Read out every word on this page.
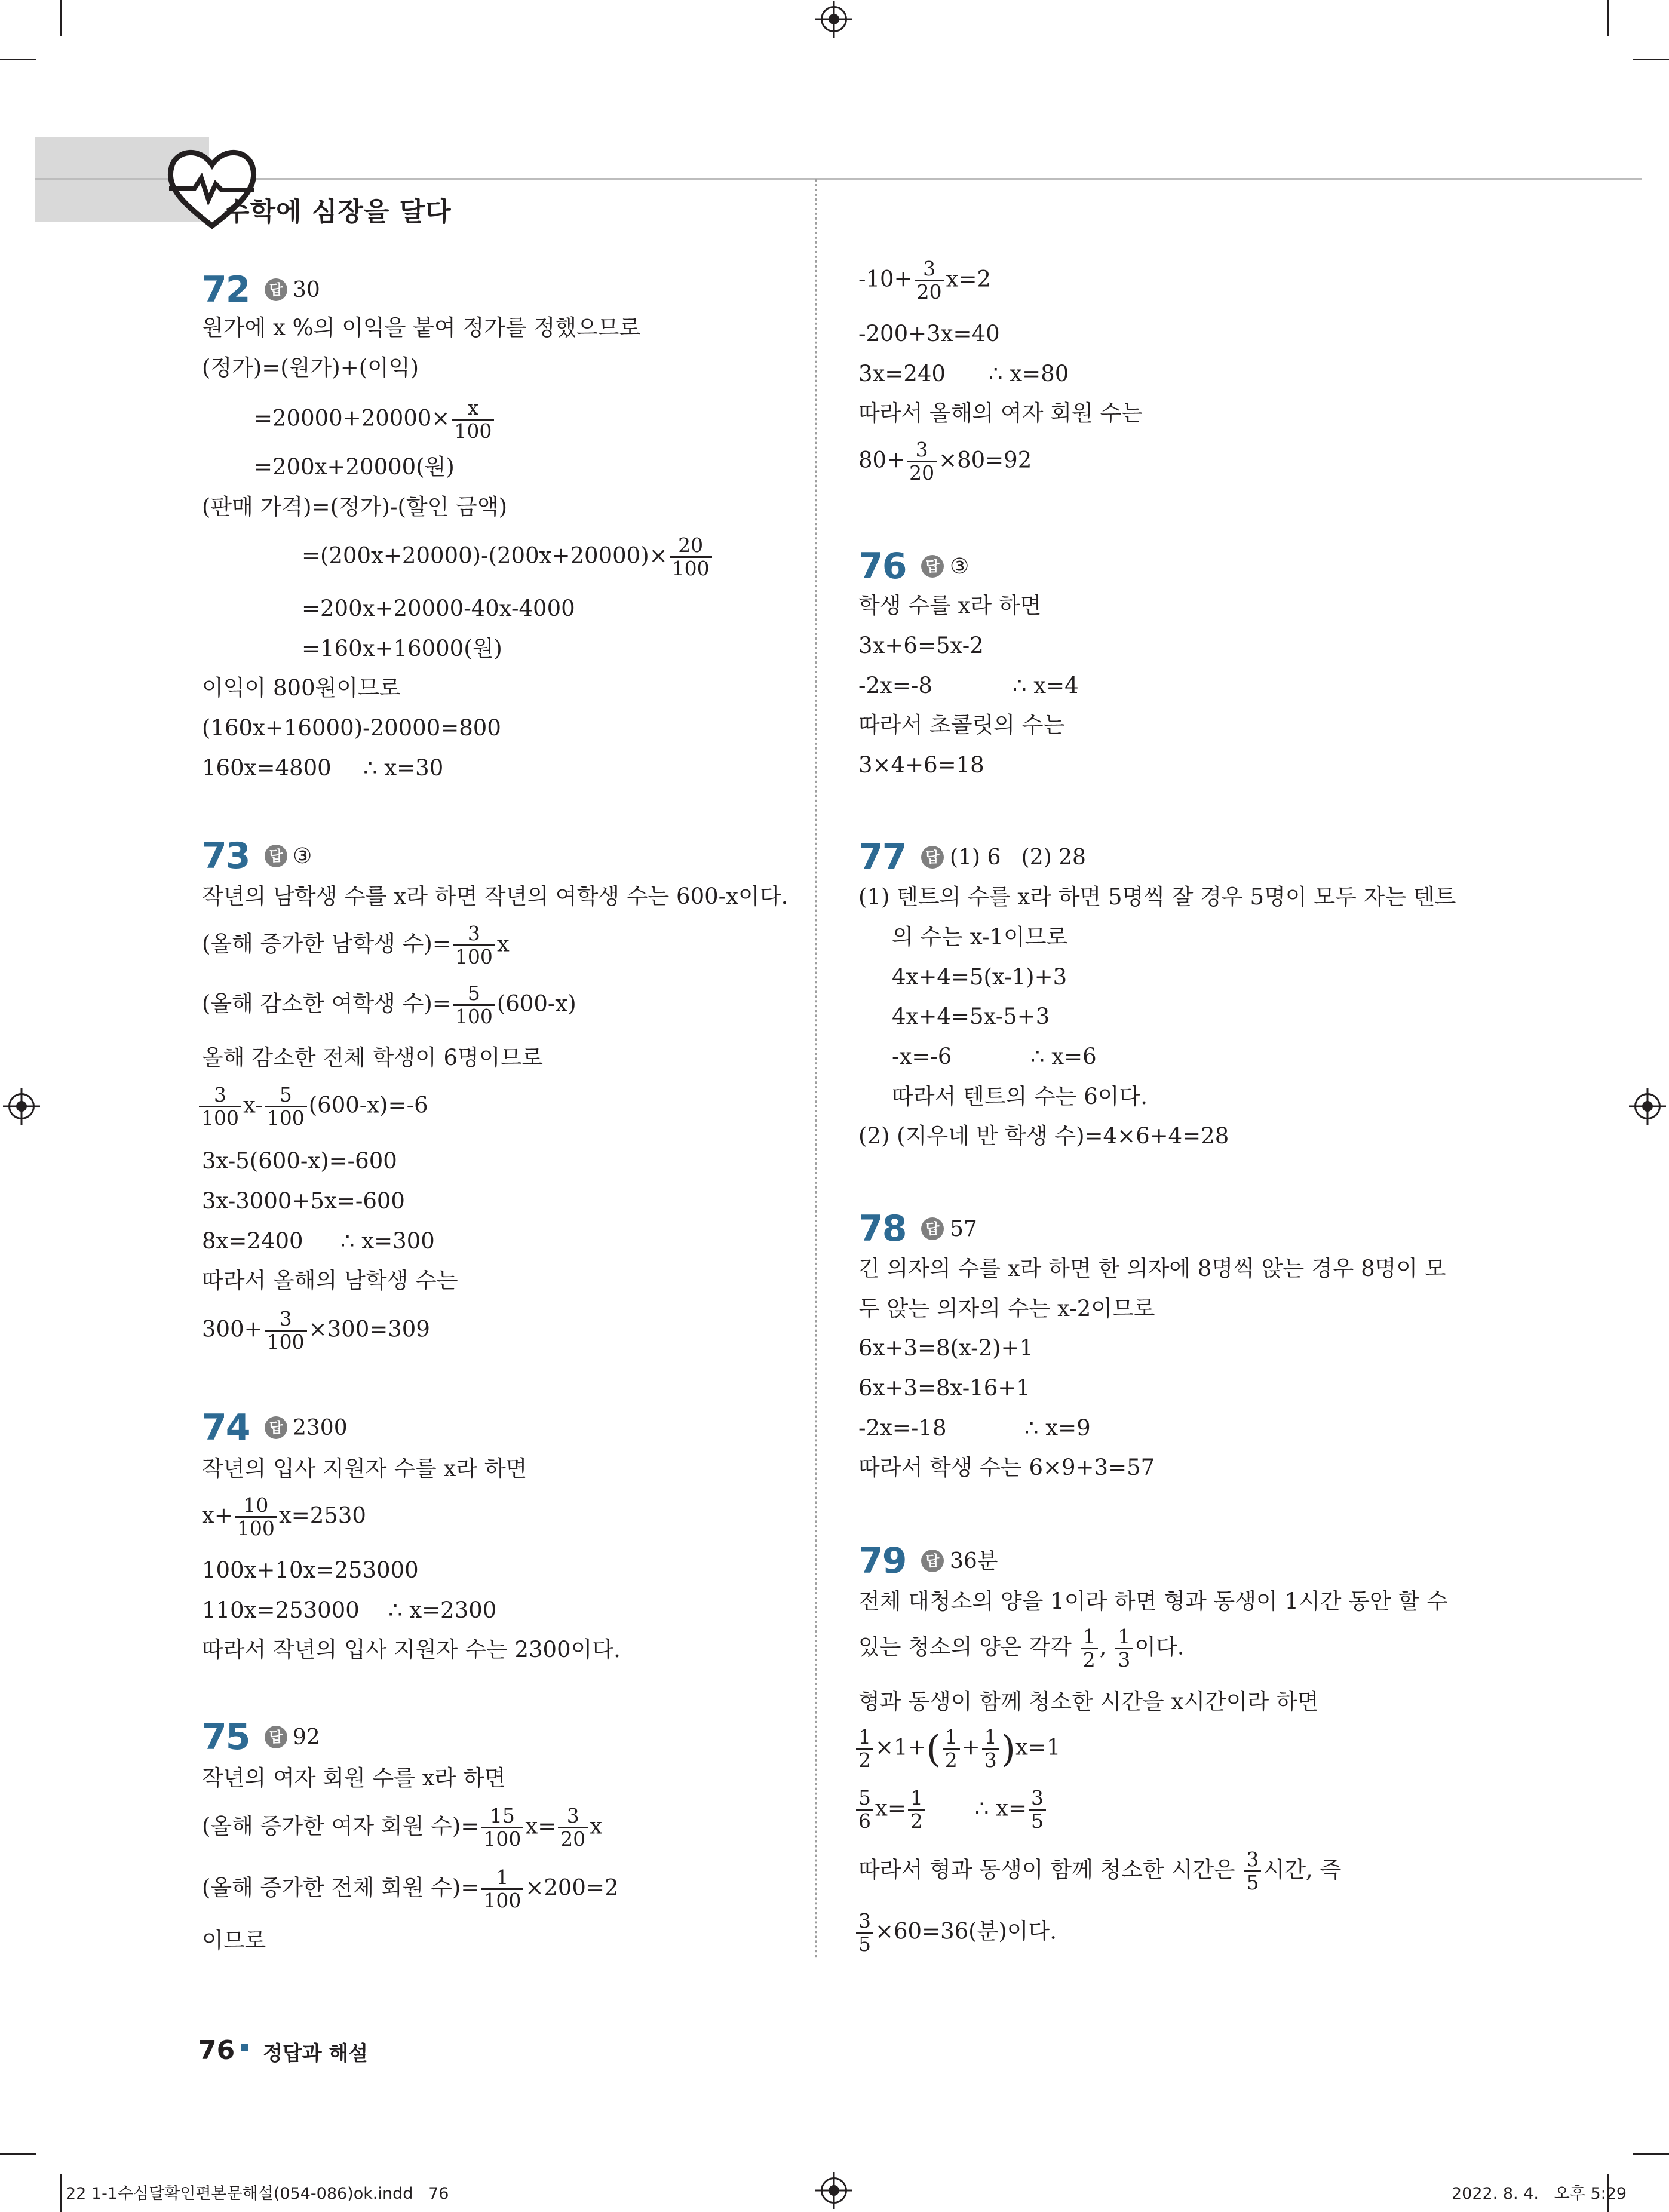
수학에 심장을 달다
72	답 30
원가에 x %의 이익을 붙여 정가를 정했으므로
(정가)=(원가)+(이익)
$=20000+20000\times \frac{x}{100}$
=200x+20000(원)
(판매 가격)=(정가)-(할인 금액)
$=(200x+20000)-(200x+20000)\times \frac{20}{100}$
=200x+20000-40x-4000
=160x+16000(원)
이익이 800원이므로
(160x+16000)-20000=800
160x=4800 ∴ x=30
73	답 ③
작년의 남학생 수를 x라 하면 작년의 여학생 수는 600-x이다.
(올해 증가한 남학생 수)= $\frac{3}{100}$ x
(올해 감소한 여학생 수)= $\frac{5}{100} (600-x)$
올해 감소한 전체 학생이 6명이므로
$\frac{3}{100} x- \frac{5}{100} (600-x)=-6$
3x-5(600-x)=-600
3x-3000+5x=-600
8x=2400 ∴ x=300
따라서 올해의 남학생 수는
$300+ \frac{3}{100} \times 300=309$
74	답 2300
작년의 입사 지원자 수를 x라 하면
$x+ \frac{10}{100} x=2530$
100x+10x=253000
110x=253000 ∴ x=2300
따라서 작년의 입사 지원자 수는 2300이다.
75	답 92
작년의 여자 회원 수를 x라 하면
(올해 증가한 여자 회원 수)= $\frac{15}{100} x= \frac{3}{20}$ x
(올해 증가한 전체 회원 수)= $\frac{1}{100} \times 200=2$
이므로
$-10+ \frac{3}{20} x=2$
-200+3x=40
3x=240 ∴ x=80
따라서 올해의 여자 회원 수는
$80+ \frac{3}{20} \times 80=92$
76	답 ③
학생 수를 x라 하면
3x+6=5x-2
-2x=-8	∴ x=4
따라서 초콜릿의 수는
3×4+6=18
77	답 (1) 6   (2) 28
(1) 텐트의 수를 x라 하면 5명씩 잘 경우 5명이 모두 자는 텐트
의 수는 x-1이므로
4x+4=5(x-1)+3
4x+4=5x-5+3
-x=-6	∴ x=6
따라서 텐트의 수는 6이다.
(2) (지우네 반 학생 수)=4×6+4=28
78	답 57
긴 의자의 수를 x라 하면 한 의자에 8명씩 앉는 경우 8명이 모
두 앉는 의자의 수는 x-2이므로
6x+3=8(x-2)+1
6x+3=8x-16+1
-2x=-18	∴ x=9
따라서 학생 수는 6×9+3=57
79	답 36분
전체 대청소의 양을 1이라 하면 형과 동생이 1시간 동안 할 수
있는 청소의 양은 각각 $\frac{1}{2}$ , $\frac{1}{3}$ 이다.
형과 동생이 함께 청소한 시간을 x시간이라 하면
$\frac{1}{2} \times 1+( \frac{1}{2} + \frac{1}{3} )x=1$
$\frac{5}{6} x= \frac{1}{2}$ ∴ $x= \frac{3}{5}$
따라서 형과 동생이 함께 청소한 시간은 $\frac{3}{5}$ 시간, 즉
$\frac{3}{5} \times 60=36$(분)이다.
76 정답과 해설
22 1-1수심달확인편본문해설(054-086)ok.indd   76	2022. 8. 4.   오후 5:29
